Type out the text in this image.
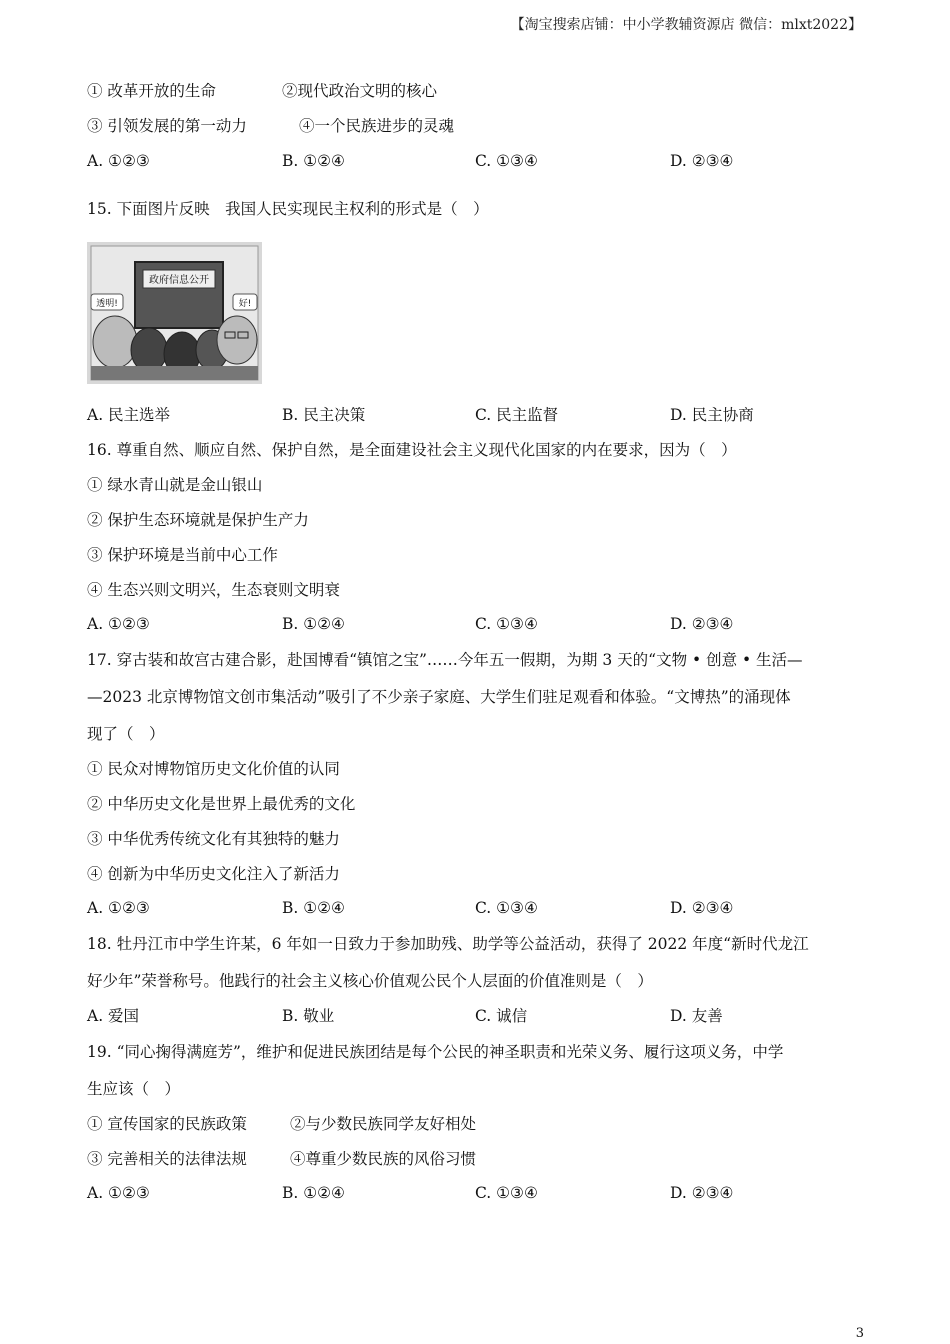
【淘宝搜索店铺：中小学教辅资源店 微信：mlxt2022】
① 改革开放的生命	②现代政治文明的核心
③ 引领发展的第一动力	④一个民族进步的灵魂
A. ①②③	B. ①②④	C. ①③④	D. ②③④
15. 下面图片反映　我国人民实现民主权利的形式是（　）
政府信息公开
透明!	好!
A. 民主选举	B. 民主决策	C. 民主监督	D. 民主协商
16. 尊重自然、顺应自然、保护自然，是全面建设社会主义现代化国家的内在要求，因为（　）
① 绿水青山就是金山银山
② 保护生态环境就是保护生产力
③ 保护环境是当前中心工作
④ 生态兴则文明兴，生态衰则文明衰
A. ①②③	B. ①②④	C. ①③④	D. ②③④
17. 穿古装和故宫古建合影，赴国博看“镇馆之宝”……今年五一假期，为期 3 天的“文物 • 创意 • 生活—
—2023 北京博物馆文创市集活动”吸引了不少亲子家庭、大学生们驻足观看和体验。“文博热”的涌现体
现了（　）
① 民众对博物馆历史文化价值的认同
② 中华历史文化是世界上最优秀的文化
③ 中华优秀传统文化有其独特的魅力
④ 创新为中华历史文化注入了新活力
A. ①②③	B. ①②④	C. ①③④	D. ②③④
18. 牡丹江市中学生许某，6 年如一日致力于参加助残、助学等公益活动，获得了 2022 年度“新时代龙江
好少年”荣誉称号。他践行的社会主义核心价值观公民个人层面的价值准则是（　）
A. 爱国	B. 敬业	C. 诚信	D. 友善
19. “同心掬得满庭芳”，维护和促进民族团结是每个公民的神圣职责和光荣义务、履行这项义务，中学
生应该（　）
① 宣传国家的民族政策	②与少数民族同学友好相处
③ 完善相关的法律法规	④尊重少数民族的风俗习惯
A. ①②③	B. ①②④	C. ①③④	D. ②③④
3
